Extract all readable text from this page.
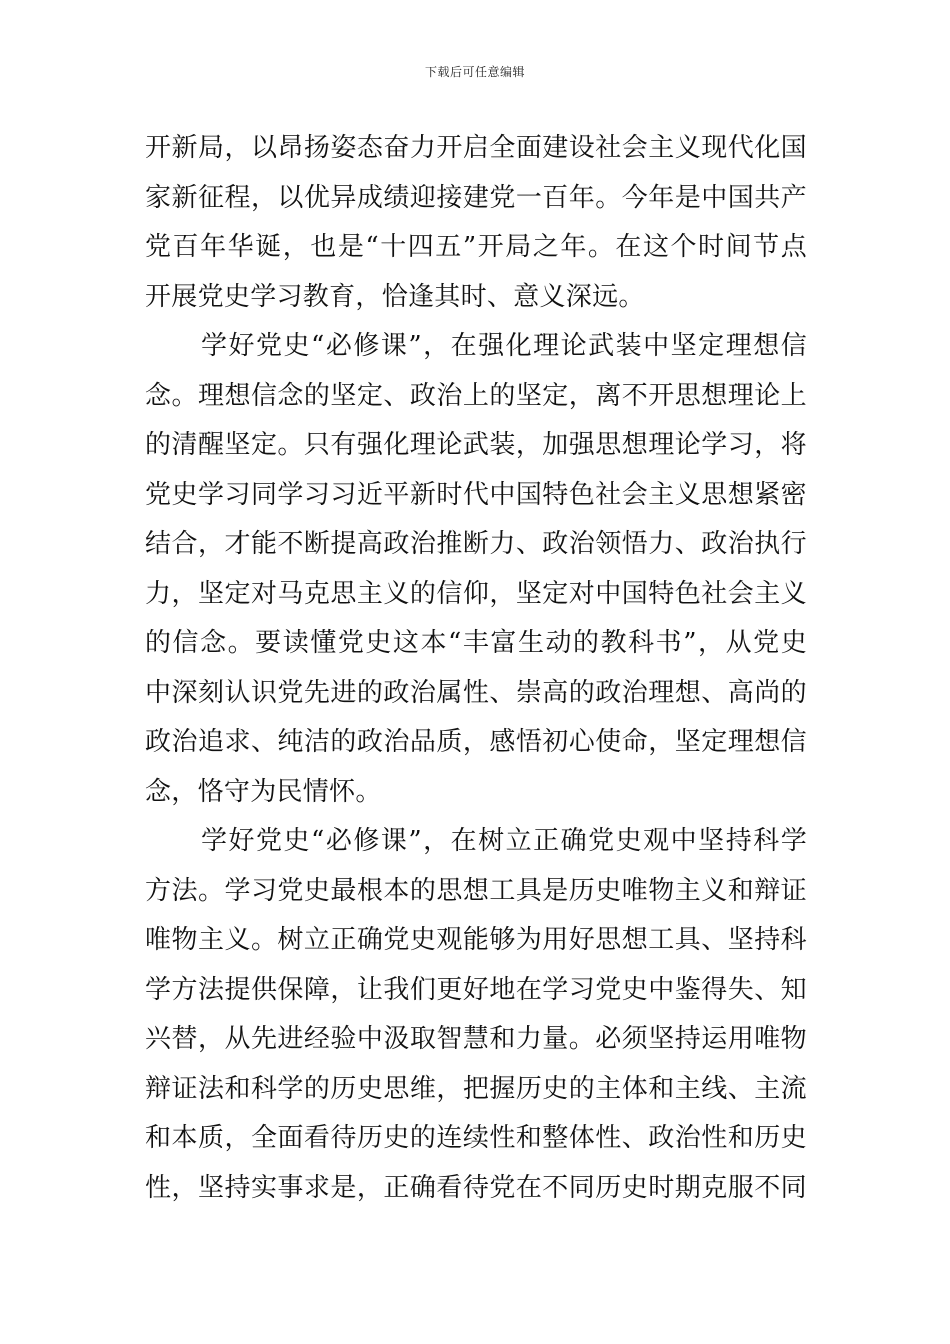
下载后可任意编辑
开新局，以昂扬姿态奋力开启全面建设社会主义现代化国
家新征程，以优异成绩迎接建党一百年。今年是中国共产
党百年华诞，也是“十四五”开局之年。在这个时间节点
开展党史学习教育，恰逢其时、意义深远。
学好党史“必修课”，在强化理论武装中坚定理想信
念。理想信念的坚定、政治上的坚定，离不开思想理论上
的清醒坚定。只有强化理论武装，加强思想理论学习，将
党史学习同学习习近平新时代中国特色社会主义思想紧密
结合，才能不断提高政治推断力、政治领悟力、政治执行
力，坚定对马克思主义的信仰，坚定对中国特色社会主义
的信念。要读懂党史这本“丰富生动的教科书”，从党史
中深刻认识党先进的政治属性、崇高的政治理想、高尚的
政治追求、纯洁的政治品质，感悟初心使命，坚定理想信
念，恪守为民情怀。
学好党史“必修课”，在树立正确党史观中坚持科学
方法。学习党史最根本的思想工具是历史唯物主义和辩证
唯物主义。树立正确党史观能够为用好思想工具、坚持科
学方法提供保障，让我们更好地在学习党史中鉴得失、知
兴替，从先进经验中汲取智慧和力量。必须坚持运用唯物
辩证法和科学的历史思维，把握历史的主体和主线、主流
和本质，全面看待历史的连续性和整体性、政治性和历史
性，坚持实事求是，正确看待党在不同历史时期克服不同
